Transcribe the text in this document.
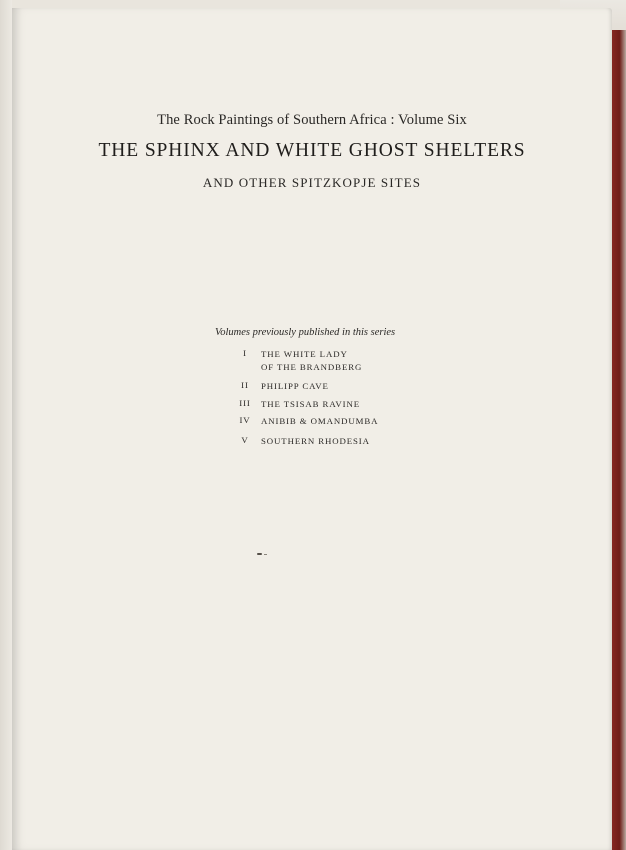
The Rock Paintings of Southern Africa : Volume Six
THE SPHINX AND WHITE GHOST SHELTERS
AND OTHER SPITZKOPJE SITES
Volumes previously published in this series
I	THE WHITE LADY
OF THE BRANDBERG
II	PHILIPP CAVE
III	THE TSISAB RAVINE
IV	ANIBIB & OMANDUMBA
V	SOUTHERN RHODESIA
